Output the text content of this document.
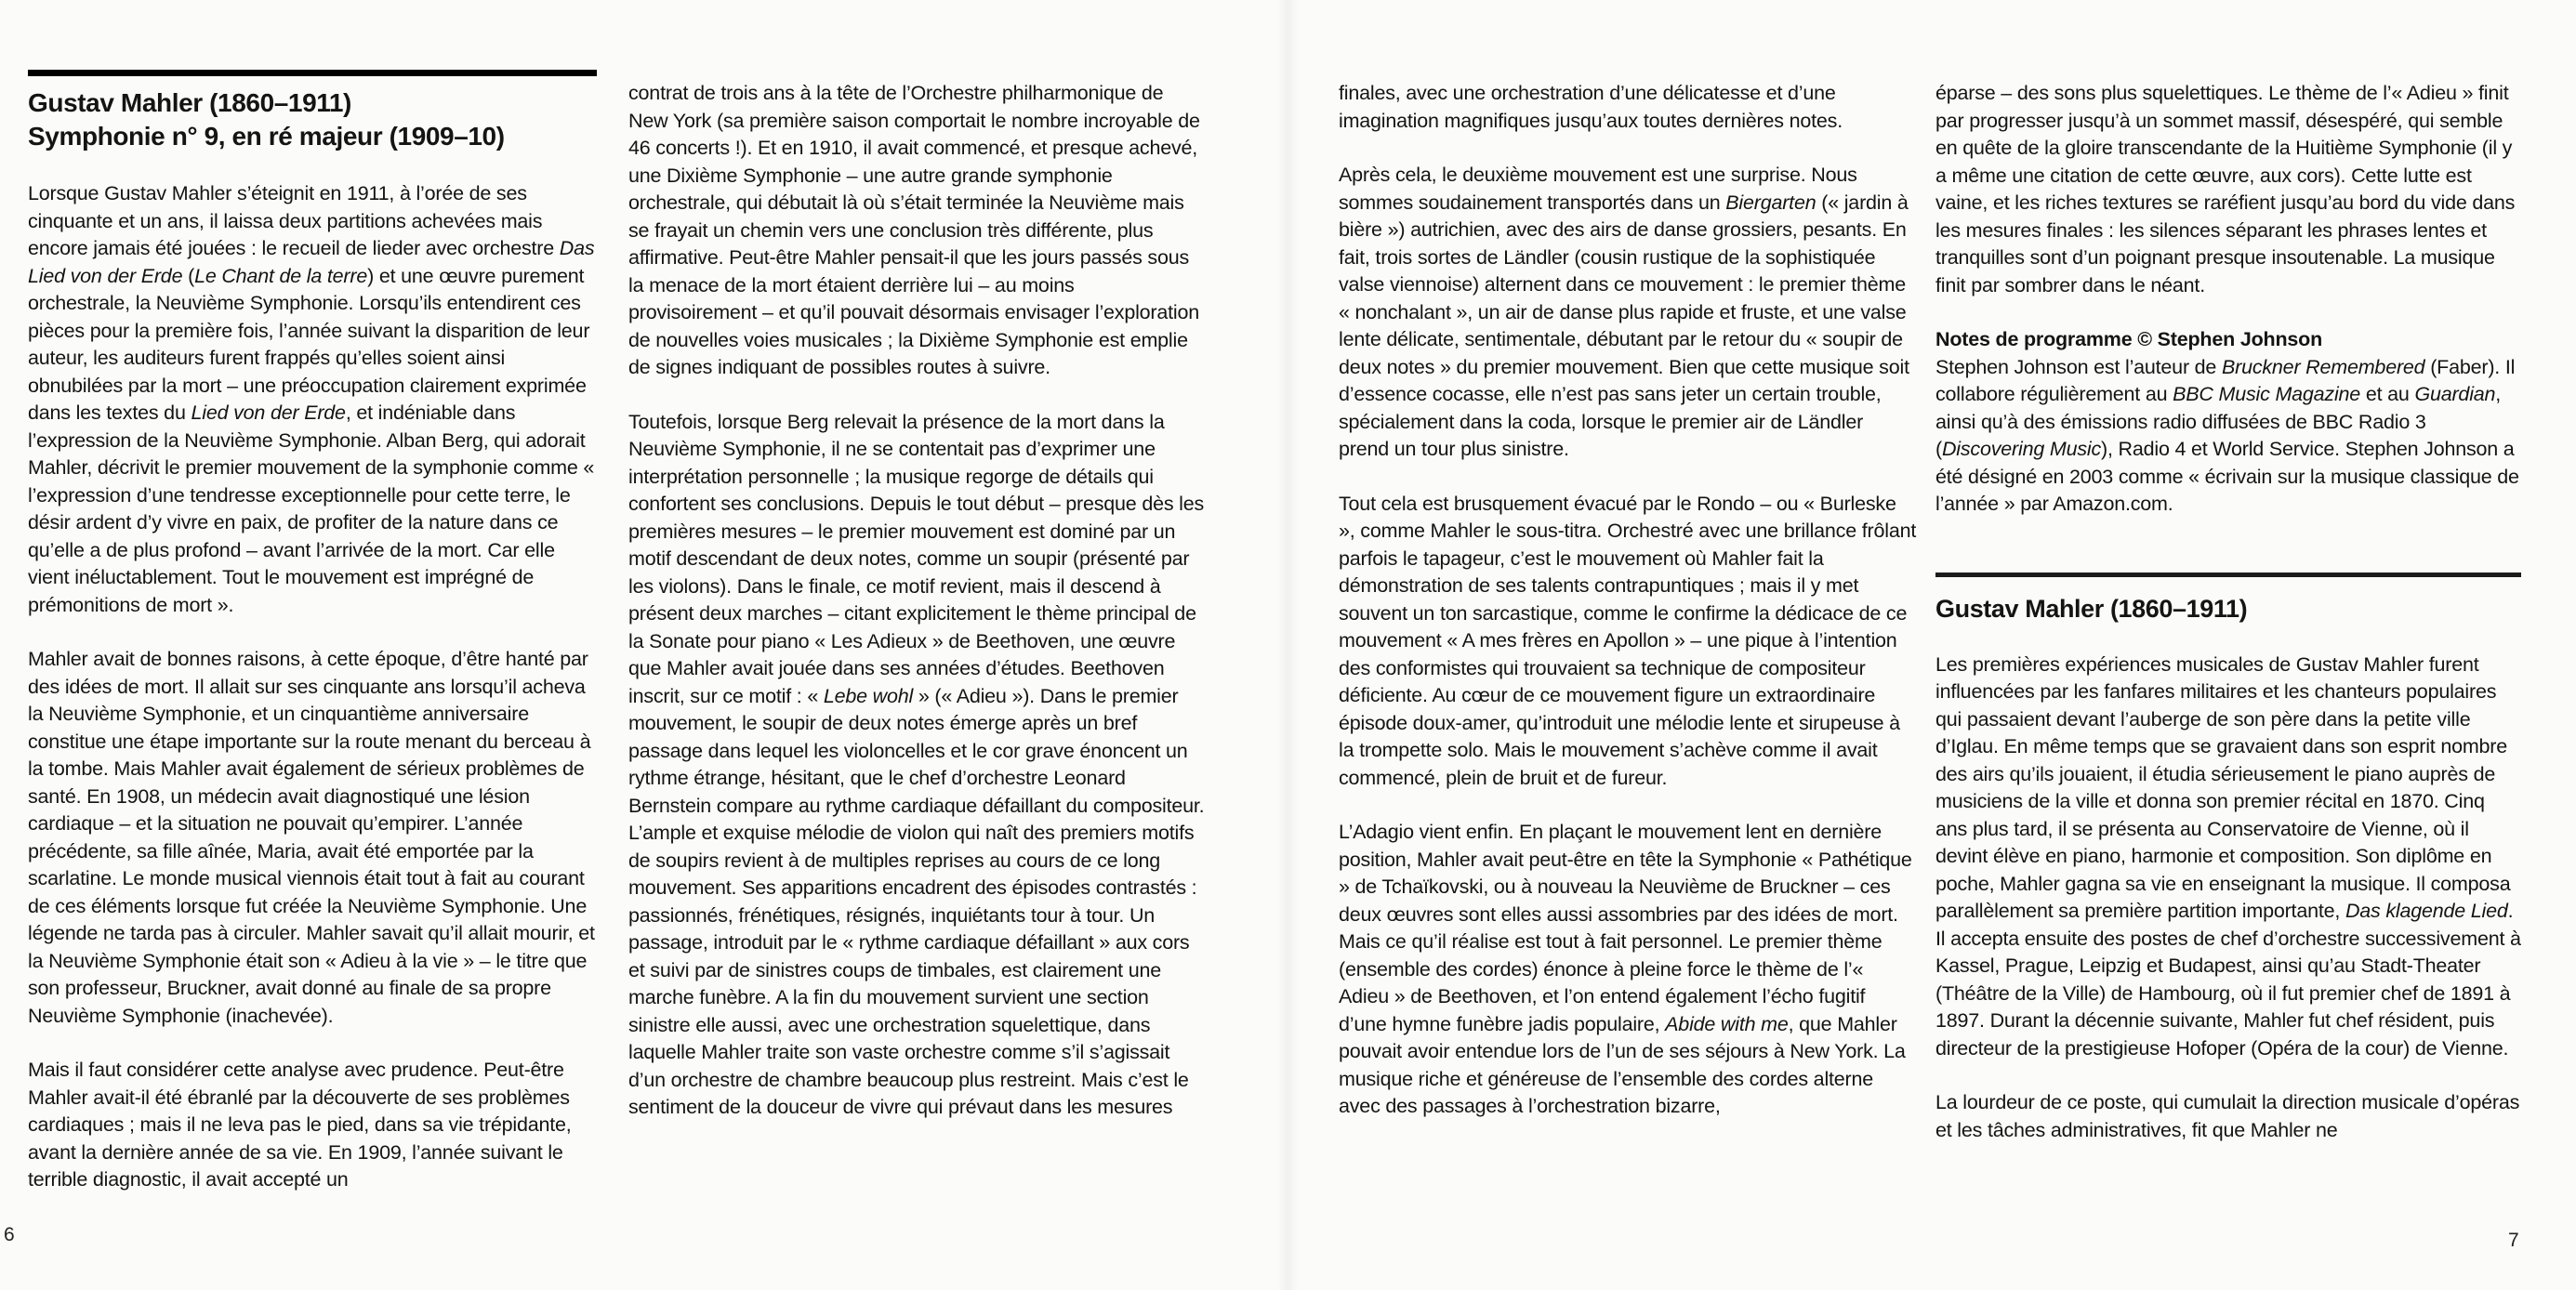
Gustav Mahler (1860–1911)
Symphonie n° 9, en ré majeur (1909–10)

Lorsque Gustav Mahler s’éteignit en 1911, à l’orée de ses cinquante et un ans, il laissa deux partitions achevées mais encore jamais été jouées : le recueil de lieder avec orchestre Das Lied von der Erde (Le Chant de la terre) et une œuvre purement orchestrale, la Neuvième Symphonie. Lorsqu’ils entendirent ces pièces pour la première fois, l’année suivant la disparition de leur auteur, les auditeurs furent frappés qu’elles soient ainsi obnubilées par la mort – une préoccupation clairement exprimée dans les textes du Lied von der Erde, et indéniable dans l’expression de la Neuvième Symphonie. Alban Berg, qui adorait Mahler, décrivit le premier mouvement de la symphonie comme « l’expression d’une tendresse exceptionnelle pour cette terre, le désir ardent d’y vivre en paix, de profiter de la nature dans ce qu’elle a de plus profond – avant l’arrivée de la mort. Car elle vient inéluctablement. Tout le mouvement est imprégné de prémonitions de mort ».

Mahler avait de bonnes raisons, à cette époque, d’être hanté par des idées de mort. Il allait sur ses cinquante ans lorsqu’il acheva la Neuvième Symphonie, et un cinquantième anniversaire constitue une étape importante sur la route menant du berceau à la tombe. Mais Mahler avait également de sérieux problèmes de santé. En 1908, un médecin avait diagnostiqué une lésion cardiaque – et la situation ne pouvait qu’empirer. L’année précédente, sa fille aînée, Maria, avait été emportée par la scarlatine. Le monde musical viennois était tout à fait au courant de ces éléments lorsque fut créée la Neuvième Symphonie. Une légende ne tarda pas à circuler. Mahler savait qu’il allait mourir, et la Neuvième Symphonie était son « Adieu à la vie » – le titre que son professeur, Bruckner, avait donné au finale de sa propre Neuvième Symphonie (inachevée).

Mais il faut considérer cette analyse avec prudence. Peut-être Mahler avait-il été ébranlé par la découverte de ses problèmes cardiaques ; mais il ne leva pas le pied, dans sa vie trépidante, avant la dernière année de sa vie. En 1909, l’année suivant le terrible diagnostic, il avait accepté un

contrat de trois ans à la tête de l’Orchestre philharmonique de New York (sa première saison comportait le nombre incroyable de 46 concerts !). Et en 1910, il avait commencé, et presque achevé, une Dixième Symphonie – une autre grande symphonie orchestrale, qui débutait là où s’était terminée la Neuvième mais se frayait un chemin vers une conclusion très différente, plus affirmative. Peut-être Mahler pensait-il que les jours passés sous la menace de la mort étaient derrière lui – au moins provisoirement – et qu’il pouvait désormais envisager l’exploration de nouvelles voies musicales ; la Dixième Symphonie est emplie de signes indiquant de possibles routes à suivre.

Toutefois, lorsque Berg relevait la présence de la mort dans la Neuvième Symphonie, il ne se contentait pas d’exprimer une interprétation personnelle ; la musique regorge de détails qui confortent ses conclusions. Depuis le tout début – presque dès les premières mesures – le premier mouvement est dominé par un motif descendant de deux notes, comme un soupir (présenté par les violons). Dans le finale, ce motif revient, mais il descend à présent deux marches – citant explicitement le thème principal de la Sonate pour piano « Les Adieux » de Beethoven, une œuvre que Mahler avait jouée dans ses années d’études. Beethoven inscrit, sur ce motif : « Lebe wohl » (« Adieu »). Dans le premier mouvement, le soupir de deux notes émerge après un bref passage dans lequel les violoncelles et le cor grave énoncent un rythme étrange, hésitant, que le chef d’orchestre Leonard Bernstein compare au rythme cardiaque défaillant du compositeur. L’ample et exquise mélodie de violon qui naît des premiers motifs de soupirs revient à de multiples reprises au cours de ce long mouvement. Ses apparitions encadrent des épisodes contrastés : passionnés, frénétiques, résignés, inquiétants tour à tour. Un passage, introduit par le « rythme cardiaque défaillant » aux cors et suivi par de sinistres coups de timbales, est clairement une marche funèbre. A la fin du mouvement survient une section sinistre elle aussi, avec une orchestration squelettique, dans laquelle Mahler traite son vaste orchestre comme s’il s’agissait d’un orchestre de chambre beaucoup plus restreint. Mais c’est le sentiment de la douceur de vivre qui prévaut dans les mesures

finales, avec une orchestration d’une délicatesse et d’une imagination magnifiques jusqu’aux toutes dernières notes.

Après cela, le deuxième mouvement est une surprise. Nous sommes soudainement transportés dans un Biergarten (« jardin à bière ») autrichien, avec des airs de danse grossiers, pesants. En fait, trois sortes de Ländler (cousin rustique de la sophistiquée valse viennoise) alternent dans ce mouvement : le premier thème « nonchalant », un air de danse plus rapide et fruste, et une valse lente délicate, sentimentale, débutant par le retour du « soupir de deux notes » du premier mouvement. Bien que cette musique soit d’essence cocasse, elle n’est pas sans jeter un certain trouble, spécialement dans la coda, lorsque le premier air de Ländler prend un tour plus sinistre.

Tout cela est brusquement évacué par le Rondo – ou « Burleske », comme Mahler le sous-titra. Orchestré avec une brillance frôlant parfois le tapageur, c’est le mouvement où Mahler fait la démonstration de ses talents contrapuntiques ; mais il y met souvent un ton sarcastique, comme le confirme la dédicace de ce mouvement « A mes frères en Apollon » – une pique à l’intention des conformistes qui trouvaient sa technique de compositeur déficiente. Au cœur de ce mouvement figure un extraordinaire épisode doux-amer, qu’introduit une mélodie lente et sirupeuse à la trompette solo. Mais le mouvement s’achève comme il avait commencé, plein de bruit et de fureur.

L’Adagio vient enfin. En plaçant le mouvement lent en dernière position, Mahler avait peut-être en tête la Symphonie « Pathétique » de Tchaïkovski, ou à nouveau la Neuvième de Bruckner – ces deux œuvres sont elles aussi assombries par des idées de mort. Mais ce qu’il réalise est tout à fait personnel. Le premier thème (ensemble des cordes) énonce à pleine force le thème de l’« Adieu » de Beethoven, et l’on entend également l’écho fugitif d’une hymne funèbre jadis populaire, Abide with me, que Mahler pouvait avoir entendue lors de l’un de ses séjours à New York. La musique riche et généreuse de l’ensemble des cordes alterne avec des passages à l’orchestration bizarre,

éparse – des sons plus squelettiques. Le thème de l’« Adieu » finit par progresser jusqu’à un sommet massif, désespéré, qui semble en quête de la gloire transcendante de la Huitième Symphonie (il y a même une citation de cette œuvre, aux cors). Cette lutte est vaine, et les riches textures se raréfient jusqu’au bord du vide dans les mesures finales : les silences séparant les phrases lentes et tranquilles sont d’un poignant presque insoutenable. La musique finit par sombrer dans le néant.

Notes de programme © Stephen Johnson

Stephen Johnson est l’auteur de Bruckner Remembered (Faber). Il collabore régulièrement au BBC Music Magazine et au Guardian, ainsi qu’à des émissions radio diffusées de BBC Radio 3 (Discovering Music), Radio 4 et World Service. Stephen Johnson a été désigné en 2003 comme « écrivain sur la musique classique de l’année » par Amazon.com.

Gustav Mahler (1860–1911)

Les premières expériences musicales de Gustav Mahler furent influencées par les fanfares militaires et les chanteurs populaires qui passaient devant l’auberge de son père dans la petite ville d’Iglau. En même temps que se gravaient dans son esprit nombre des airs qu’ils jouaient, il étudia sérieusement le piano auprès de musiciens de la ville et donna son premier récital en 1870. Cinq ans plus tard, il se présenta au Conservatoire de Vienne, où il devint élève en piano, harmonie et composition. Son diplôme en poche, Mahler gagna sa vie en enseignant la musique. Il composa parallèlement sa première partition importante, Das klagende Lied. Il accepta ensuite des postes de chef d’orchestre successivement à Kassel, Prague, Leipzig et Budapest, ainsi qu’au Stadt-Theater (Théâtre de la Ville) de Hambourg, où il fut premier chef de 1891 à 1897. Durant la décennie suivante, Mahler fut chef résident, puis directeur de la prestigieuse Hofoper (Opéra de la cour) de Vienne.

La lourdeur de ce poste, qui cumulait la direction musicale d’opéras et les tâches administratives, fit que Mahler ne

6	7
